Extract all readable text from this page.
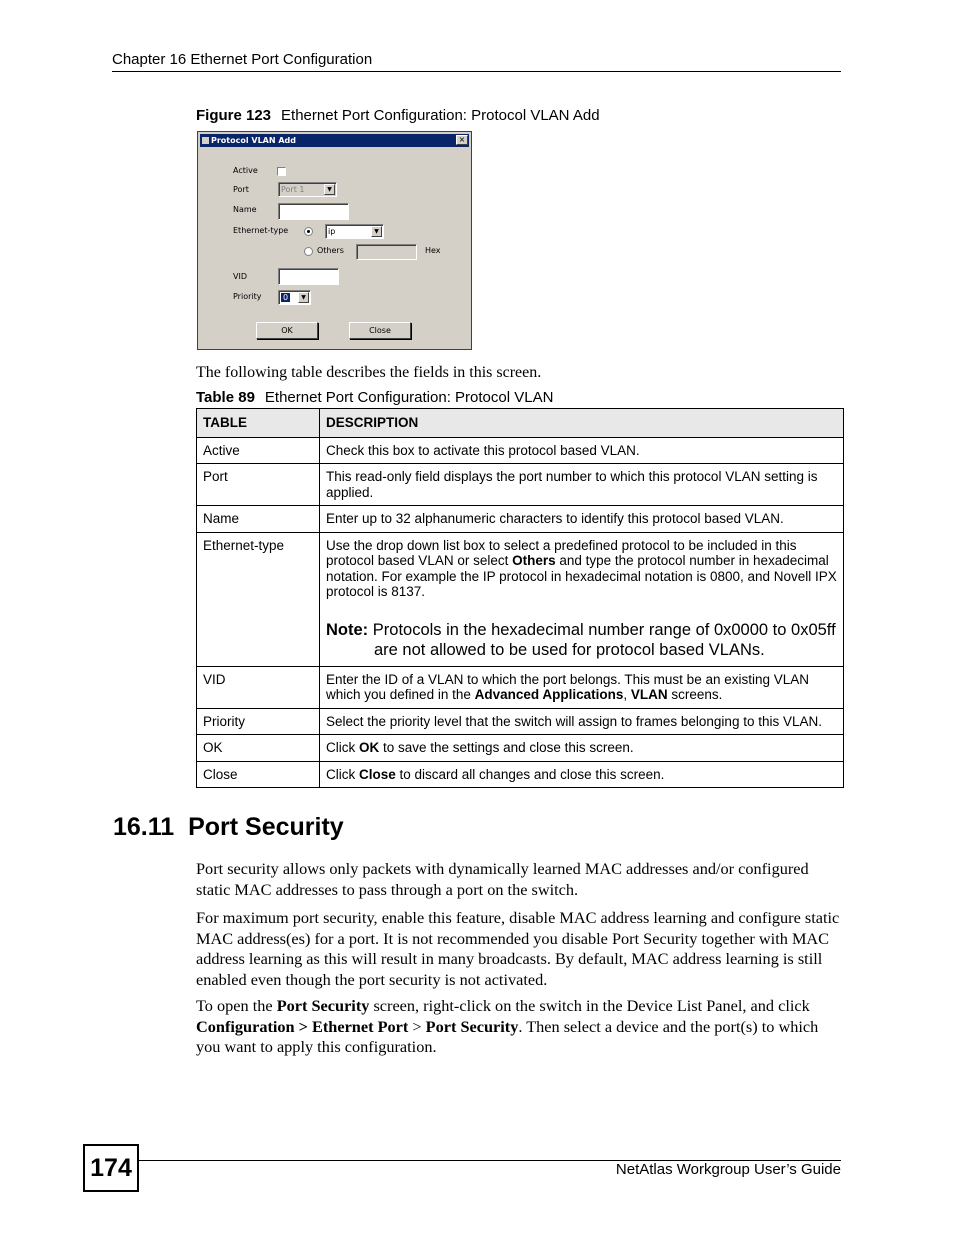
Chapter 16 Ethernet Port Configuration
Figure 123 Ethernet Port Configuration: Protocol VLAN Add
Protocol VLAN Add	×
Active
Port	Port 1	▼
Name
Ethernet-type	ip	▼
Others	Hex
VID
Priority	0	▼
OK	Close
The following table describes the fields in this screen.
Table 89 Ethernet Port Configuration: Protocol VLAN
TABLE	DESCRIPTION
Active	Check this box to activate this protocol based VLAN.
Port	This read-only field displays the port number to which this protocol VLAN setting is applied.
Name	Enter up to 32 alphanumeric characters to identify this protocol based VLAN.
Ethernet-type	Use the drop down list box to select a predefined protocol to be included in this protocol based VLAN or select Others and type the protocol number in hexadecimal notation. For example the IP protocol in hexadecimal notation is 0800, and Novell IPX protocol is 8137.
Note: Protocols in the hexadecimal number range of 0x0000 to 0x05ff are not allowed to be used for protocol based VLANs.

VID	Enter the ID of a VLAN to which the port belongs. This must be an existing VLAN which you defined in the Advanced Applications, VLAN screens.
Priority	Select the priority level that the switch will assign to frames belonging to this VLAN.
OK	Click OK to save the settings and close this screen.
Close	Click Close to discard all changes and close this screen.
16.11 Port Security
Port security allows only packets with dynamically learned MAC addresses and/or configured static MAC addresses to pass through a port on the switch.
For maximum port security, enable this feature, disable MAC address learning and configure static MAC address(es) for a port. It is not recommended you disable Port Security together with MAC address learning as this will result in many broadcasts. By default, MAC address learning is still enabled even though the port security is not activated.
To open the Port Security screen, right-click on the switch in the Device List Panel, and click Configuration > Ethernet Port > Port Security. Then select a device and the port(s) to which you want to apply this configuration.
174	NetAtlas Workgroup User’s Guide
